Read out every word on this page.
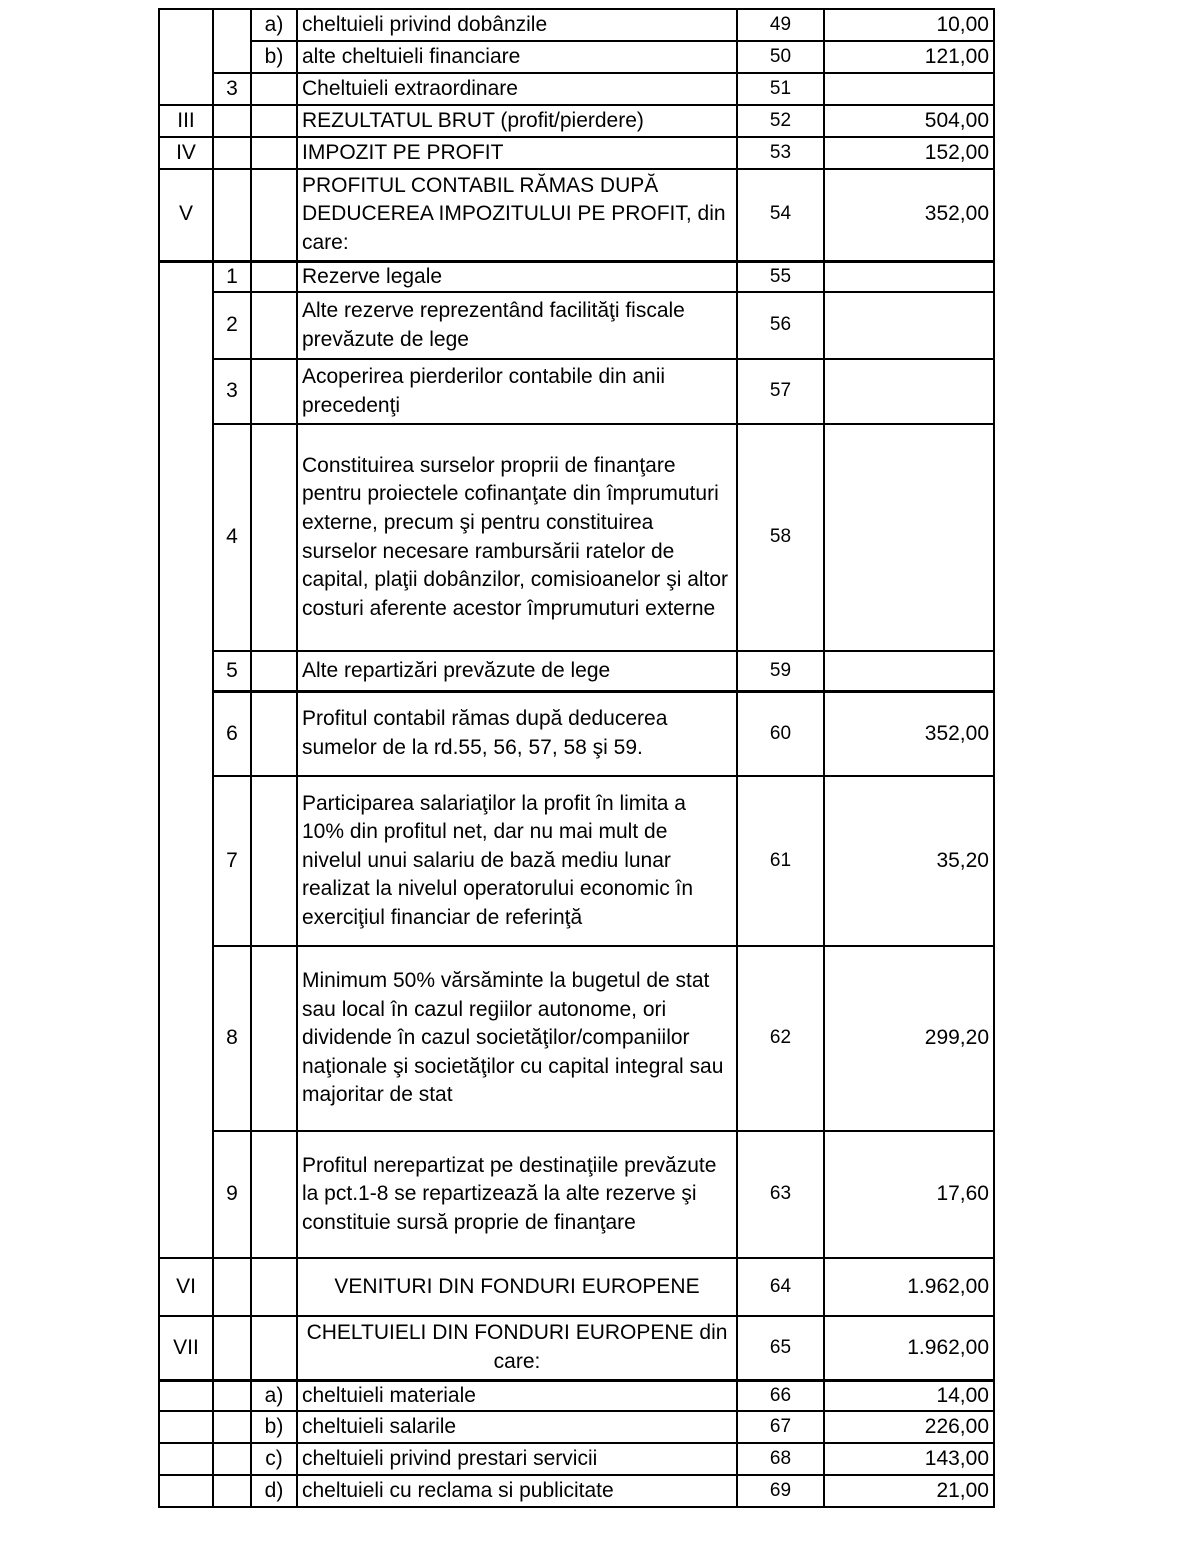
		a)	cheltuieli privind dobânzile	49	10,00
		b)	alte cheltuieli financiare	50	121,00
	3		Cheltuieli extraordinare	51	
III			REZULTATUL BRUT (profit/pierdere)	52	504,00
IV			IMPOZIT PE PROFIT	53	152,00
V			PROFITUL CONTABIL RĂMAS DUPĂ DEDUCEREA IMPOZITULUI PE PROFIT, din care:	54	352,00
	1		Rezerve legale	55	
	2		Alte rezerve reprezentând facilităţi fiscale prevăzute de lege	56	
	3		Acoperirea pierderilor contabile din anii precedenţi	57	
	4		Constituirea surselor proprii de finanţare pentru proiectele cofinanţate din împrumuturi externe, precum şi pentru constituirea surselor necesare rambursării ratelor de capital, plaţii dobânzilor, comisioanelor şi altor costuri aferente acestor împrumuturi externe	58	
	5		Alte repartizări prevăzute de lege	59	
	6		Profitul contabil rămas după deducerea sumelor de la rd.55, 56, 57, 58 şi 59.	60	352,00
	7		Participarea salariaţilor la profit în limita a 10% din profitul net, dar nu mai mult de nivelul unui salariu de bază mediu lunar realizat la nivelul operatorului economic în exerciţiul financiar de referinţă	61	35,20
	8		Minimum 50% vărsăminte la bugetul de stat sau local în cazul regiilor autonome, ori dividende în cazul societăţilor/companiilor naţionale şi societăţilor cu capital integral sau majoritar de stat	62	299,20
	9		Profitul nerepartizat pe destinaţiile prevăzute la pct.1-8 se repartizează la alte rezerve şi constituie sursă proprie de finanţare	63	17,60
VI			VENITURI DIN FONDURI EUROPENE	64	1.962,00
VII			CHELTUIELI DIN FONDURI EUROPENE din care:	65	1.962,00
		a)	cheltuieli materiale	66	14,00
		b)	cheltuieli salarile	67	226,00
		c)	cheltuieli privind prestari servicii	68	143,00
		d)	cheltuieli cu reclama si publicitate	69	21,00
